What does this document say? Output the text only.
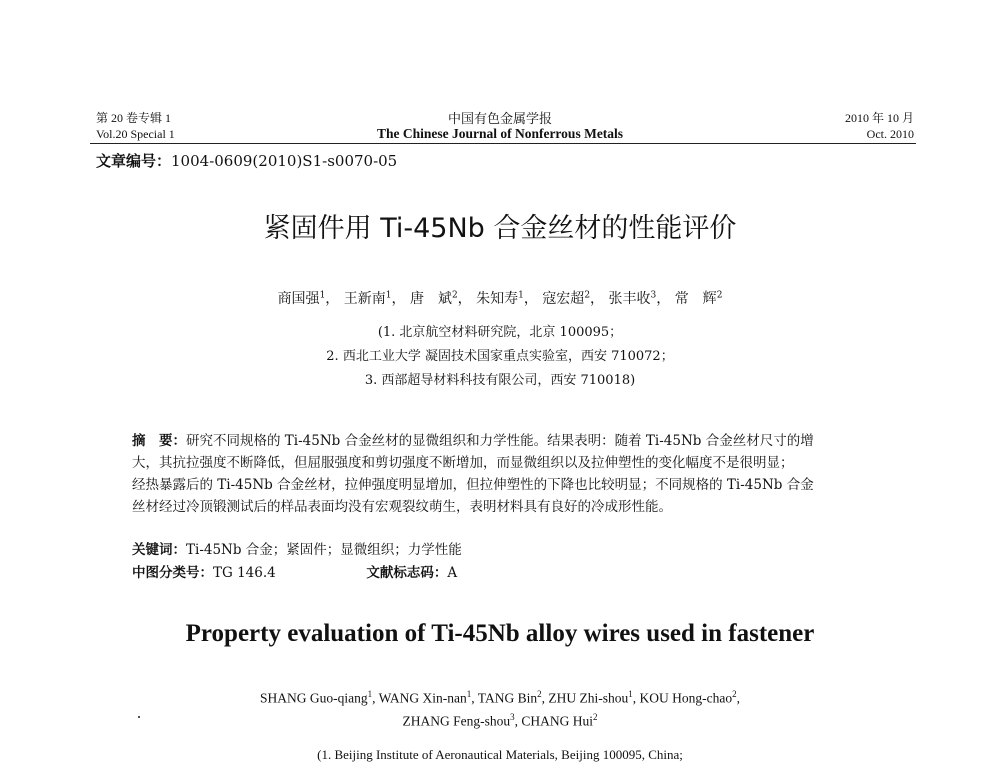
第 20 卷专辑 1
Vol.20 Special 1
中国有色金属学报
The Chinese Journal of Nonferrous Metals
2010 年 10 月
Oct. 2010
文章编号：1004-0609(2010)S1-s0070-05
紧固件用 Ti-45Nb 合金丝材的性能评价
商国强$^1$， 王新南$^1$， 唐　斌$^2$， 朱知寿$^1$， 寇宏超$^2$， 张丰收$^3$， 常　辉$^2$
(1. 北京航空材料研究院，北京 100095；
2. 西北工业大学 凝固技术国家重点实验室，西安 710072；
3. 西部超导材料科技有限公司，西安 710018)
摘　要：研究不同规格的 Ti-45Nb 合金丝材的显微组织和力学性能。结果表明：随着 Ti-45Nb 合金丝材尺寸的增
大，其抗拉强度不断降低，但屈服强度和剪切强度不断增加，而显微组织以及拉伸塑性的变化幅度不是很明显；
经热暴露后的 Ti-45Nb 合金丝材，拉伸强度明显增加，但拉伸塑性的下降也比较明显；不同规格的 Ti-45Nb 合金
丝材经过冷顶锻测试后的样品表面均没有宏观裂纹萌生，表明材料具有良好的冷成形性能。
关键词：Ti-45Nb 合金；紧固件；显微组织；力学性能
中图分类号：TG 146.4	文献标志码：A
Property evaluation of Ti-45Nb alloy wires used in fastener
SHANG Guo-qiang$^1$, WANG Xin-nan$^1$, TANG Bin$^2$, ZHU Zhi-shou$^1$, KOU Hong-chao$^2$,
ZHANG Feng-shou$^3$, CHANG Hui$^2$
(1. Beijing Institute of Aeronautical Materials, Beijing 100095, China;
